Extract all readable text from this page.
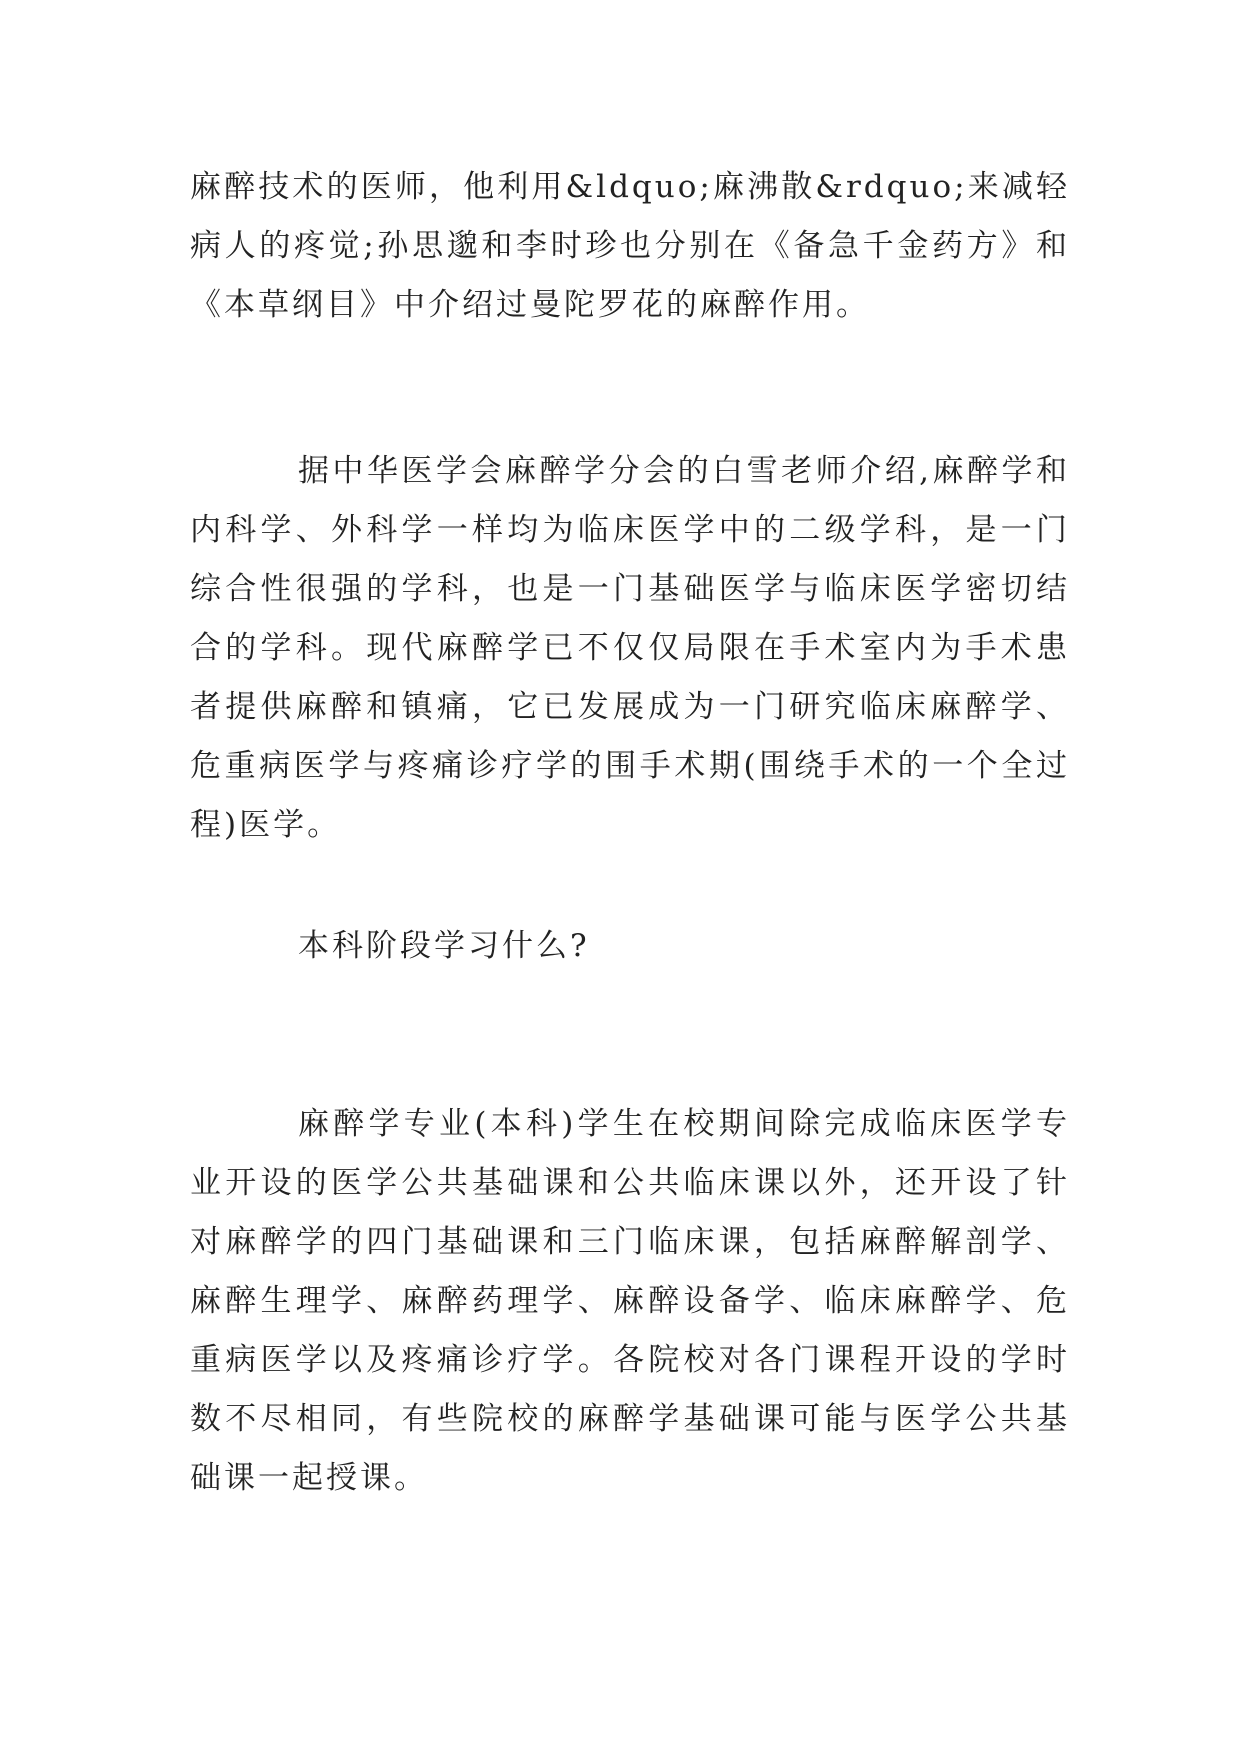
麻醉技术的医师，他利用&ldquo;麻沸散&rdquo;来减轻病人的疼觉;孙思邈和李时珍也分别在《备急千金药方》和《本草纲目》中介绍过曼陀罗花的麻醉作用。

据中华医学会麻醉学分会的白雪老师介绍,麻醉学和内科学、外科学一样均为临床医学中的二级学科，是一门综合性很强的学科，也是一门基础医学与临床医学密切结合的学科。现代麻醉学已不仅仅局限在手术室内为手术患者提供麻醉和镇痛，它已发展成为一门研究临床麻醉学、危重病医学与疼痛诊疗学的围手术期(围绕手术的一个全过程)医学。

本科阶段学习什么?

麻醉学专业(本科)学生在校期间除完成临床医学专业开设的医学公共基础课和公共临床课以外，还开设了针对麻醉学的四门基础课和三门临床课，包括麻醉解剖学、麻醉生理学、麻醉药理学、麻醉设备学、临床麻醉学、危重病医学以及疼痛诊疗学。各院校对各门课程开设的学时数不尽相同，有些院校的麻醉学基础课可能与医学公共基础课一起授课。
